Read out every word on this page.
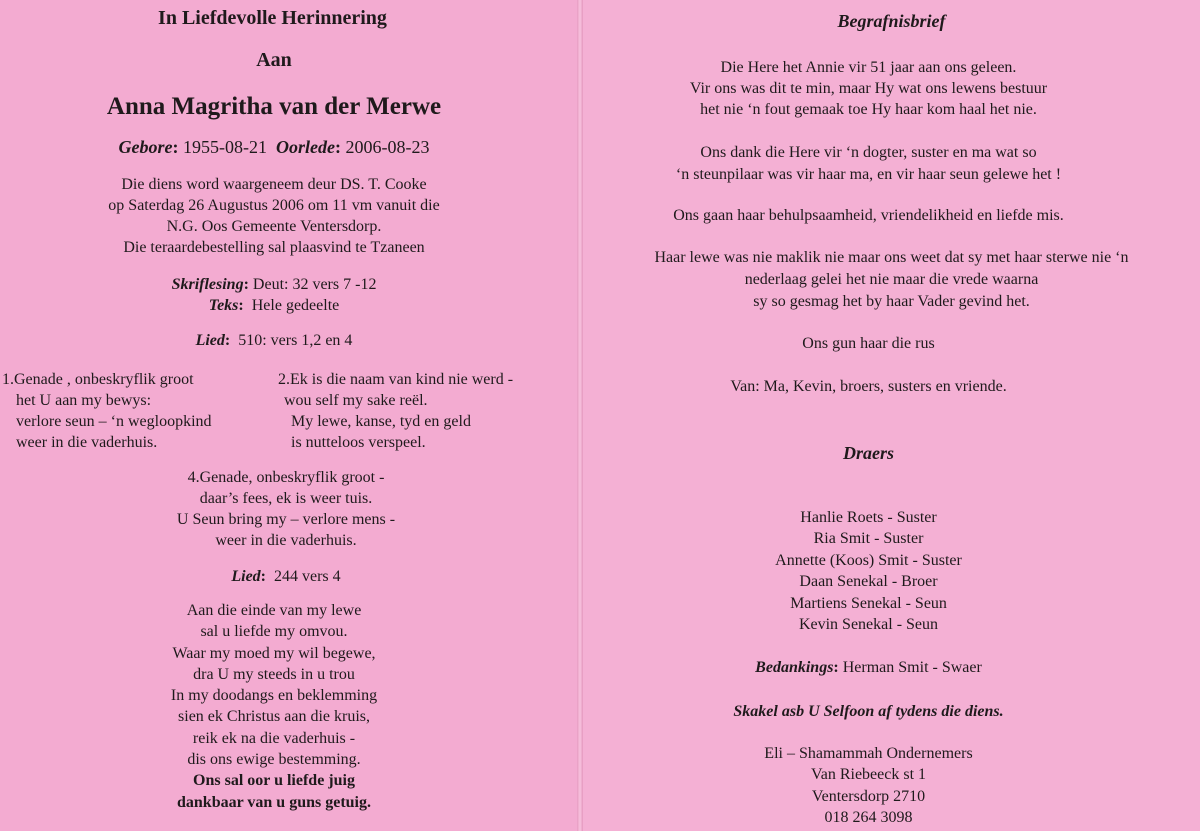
In Liefdevolle Herinnering
Aan
Anna Magritha van der Merwe
Gebore: 1955-08-21 Oorlede: 2006-08-23
Die diens word waargeneem deur DS. T. Cooke
op Saterdag 26 Augustus 2006 om 11 vm vanuit die
N.G. Oos Gemeente Ventersdorp.
Die teraardebestelling sal plaasvind te Tzaneen
Skriflesing: Deut: 32 vers 7 -12
Teks: Hele gedeelte
Lied: 510: vers 1,2 en 4
1.Genade , onbeskryflik groot
het U aan my bewys:
verlore seun – ‘n wegloopkind
weer in die vaderhuis.
2.Ek is die naam van kind nie werd -
wou self my sake reël.
My lewe, kanse, tyd en geld
is nutteloos verspeel.
4.Genade, onbeskryflik groot -
daar’s fees, ek is weer tuis.
U Seun bring my – verlore mens -
weer in die vaderhuis.
Lied: 244 vers 4
Aan die einde van my lewe
sal u liefde my omvou.
Waar my moed my wil begewe,
dra U my steeds in u trou
In my doodangs en beklemming
sien ek Christus aan die kruis,
reik ek na die vaderhuis -
dis ons ewige bestemming.
Ons sal oor u liefde juig
dankbaar van u guns getuig.
Begrafnisbrief
Die Here het Annie vir 51 jaar aan ons geleen.
Vir ons was dit te min, maar Hy wat ons lewens bestuur
het nie ‘n fout gemaak toe Hy haar kom haal het nie.
Ons dank die Here vir ‘n dogter, suster en ma wat so
‘n steunpilaar was vir haar ma, en vir haar seun gelewe het !
Ons gaan haar behulpsaamheid, vriendelikheid en liefde mis.
Haar lewe was nie maklik nie maar ons weet dat sy met haar sterwe nie ‘n
nederlaag gelei het nie maar die vrede waarna
sy so gesmag het by haar Vader gevind het.
Ons gun haar die rus
Van: Ma, Kevin, broers, susters en vriende.
Draers
Hanlie Roets - Suster
Ria Smit - Suster
Annette (Koos) Smit - Suster
Daan Senekal - Broer
Martiens Senekal - Seun
Kevin Senekal - Seun
Bedankings: Herman Smit - Swaer
Skakel asb U Selfoon af tydens die diens.
Eli – Shamammah Ondernemers
Van Riebeeck st 1
Ventersdorp 2710
018 264 3098
